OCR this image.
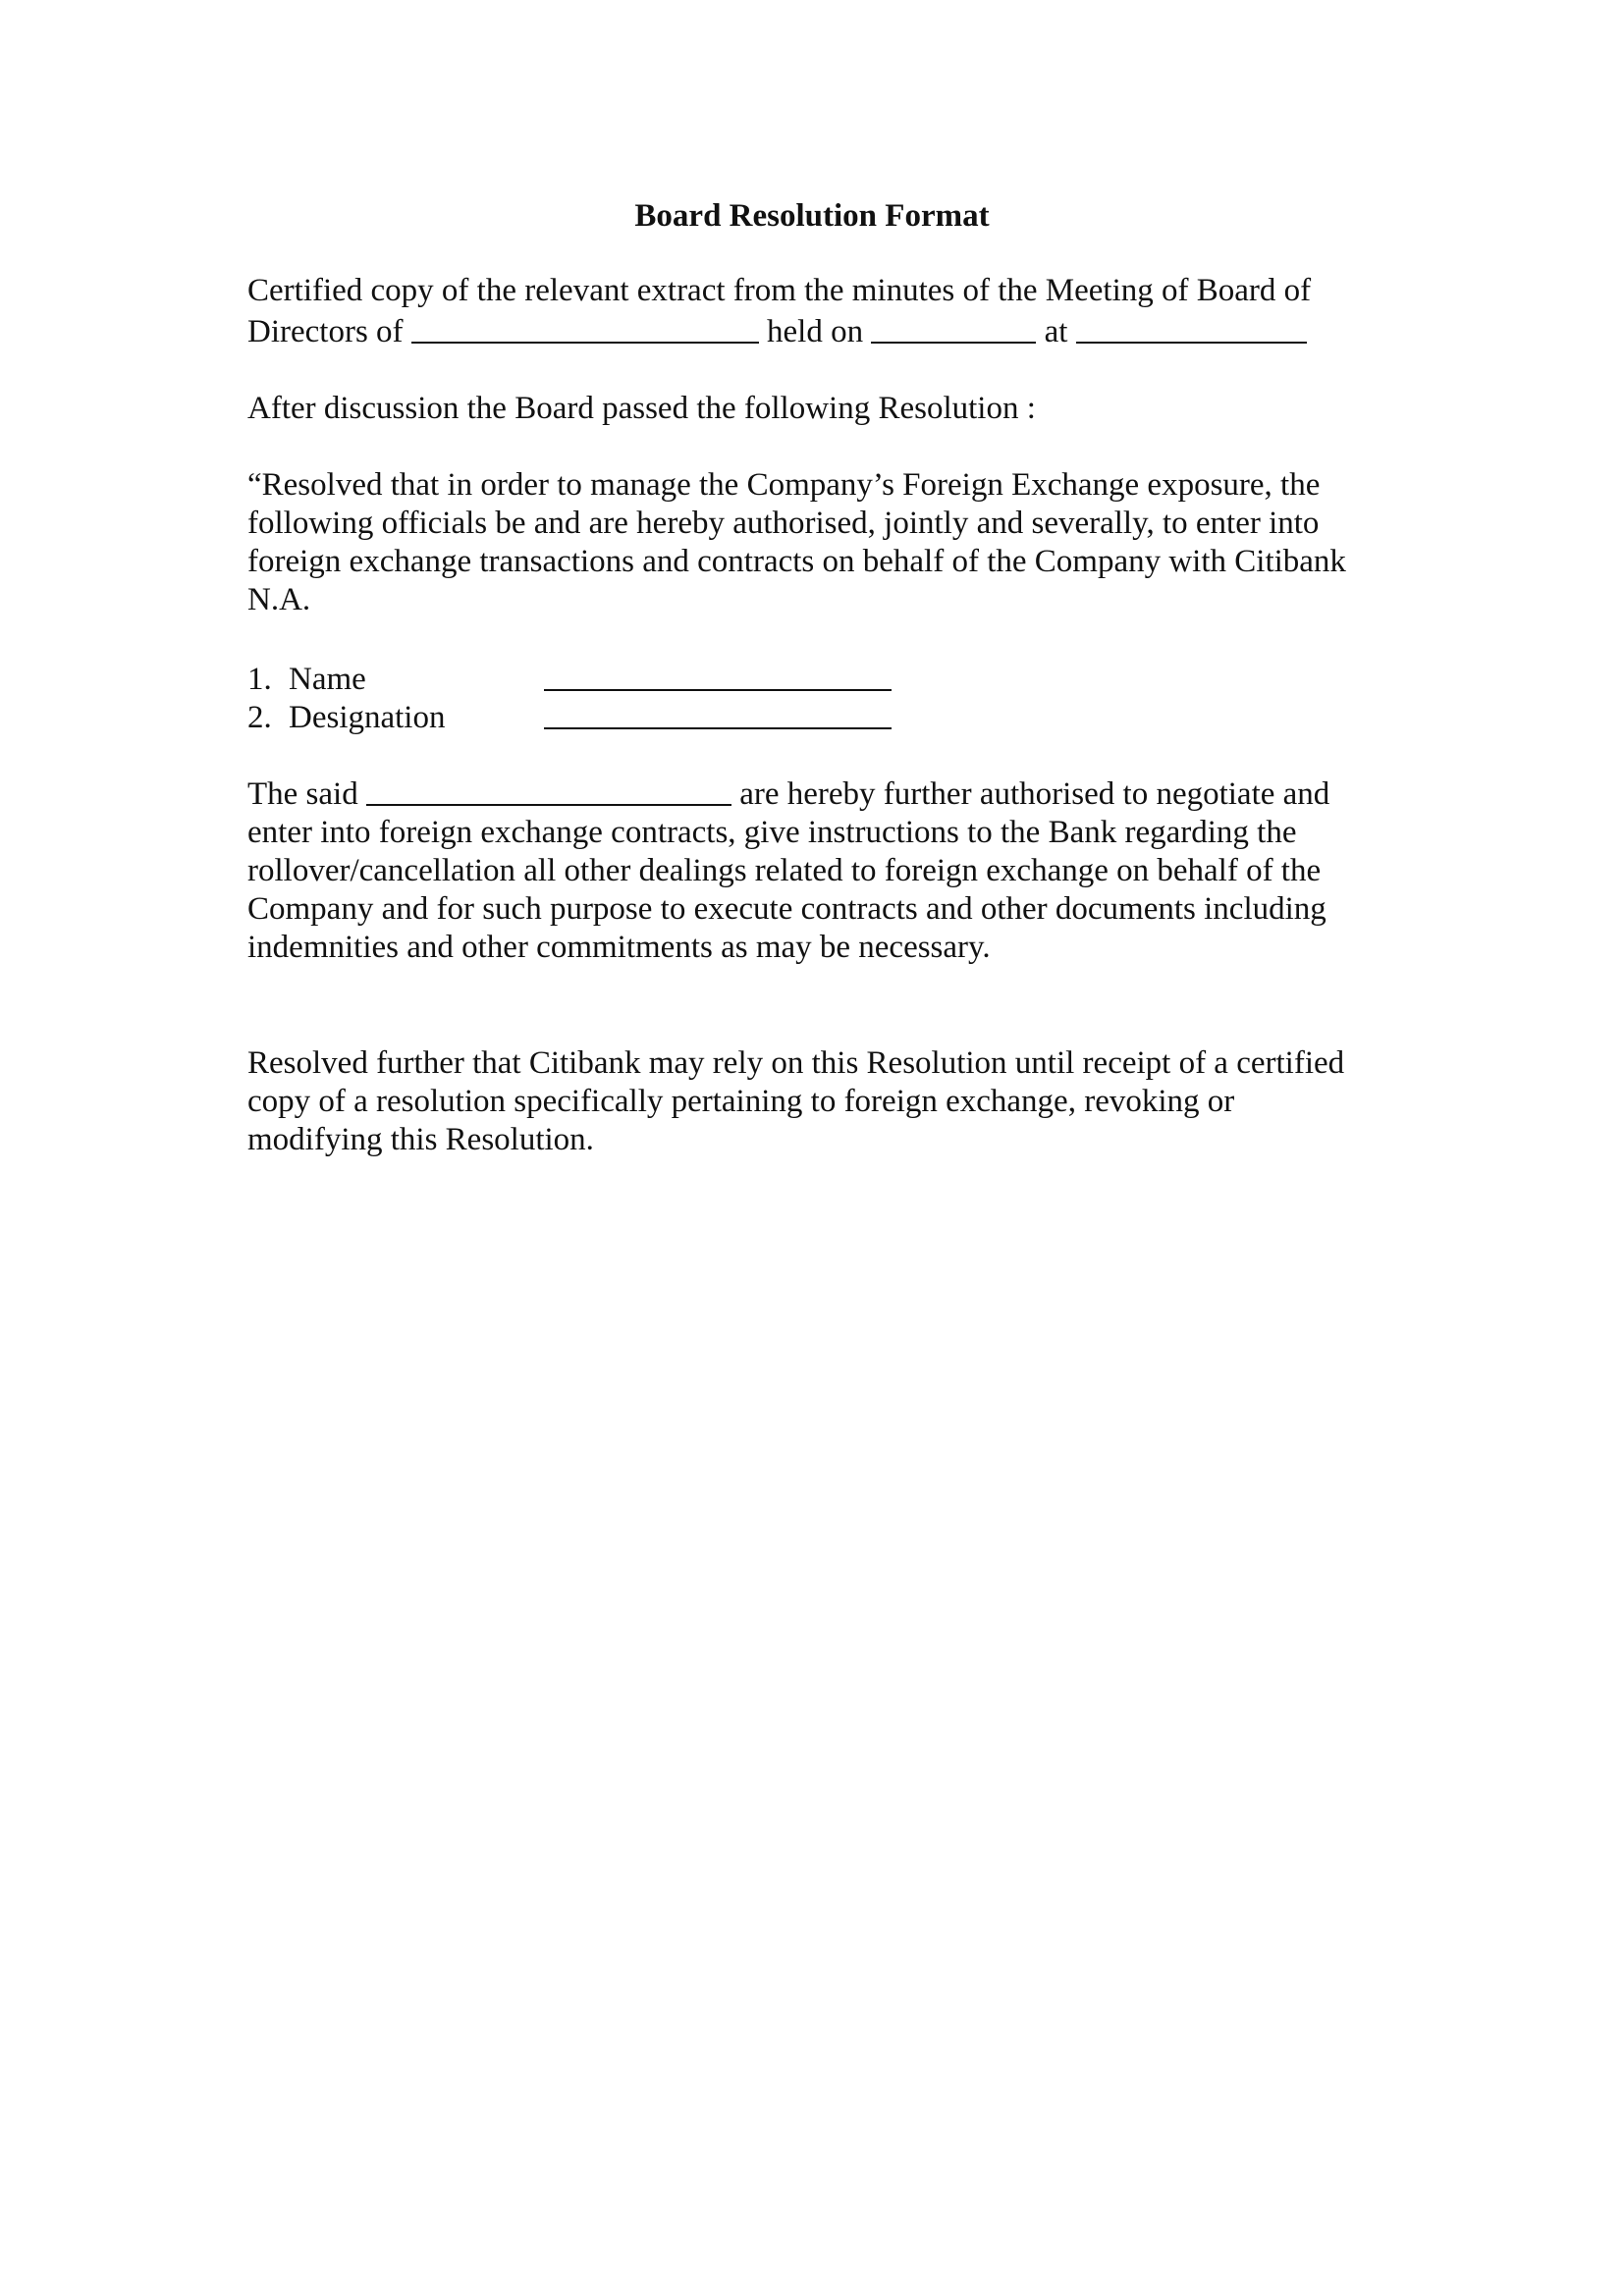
Board Resolution Format
Certified copy of the relevant extract from the minutes of the Meeting of Board of
Directors of	held on	at
After discussion the Board passed the following Resolution :
“Resolved that in order to manage the Company’s Foreign Exchange exposure, the
following officials be and are hereby authorised, jointly and severally, to enter into
foreign exchange transactions and contracts on behalf of the Company with Citibank
N.A.
1. Name
2. Designation
The said	are hereby further authorised to negotiate and
enter into foreign exchange contracts, give instructions to the Bank regarding the
rollover/cancellation all other dealings related to foreign exchange on behalf of the
Company and for such purpose to execute contracts and other documents including
indemnities and other commitments as may be necessary.
Resolved further that Citibank may rely on this Resolution until receipt of a certified
copy of a resolution specifically pertaining to foreign exchange, revoking or
modifying this Resolution.
